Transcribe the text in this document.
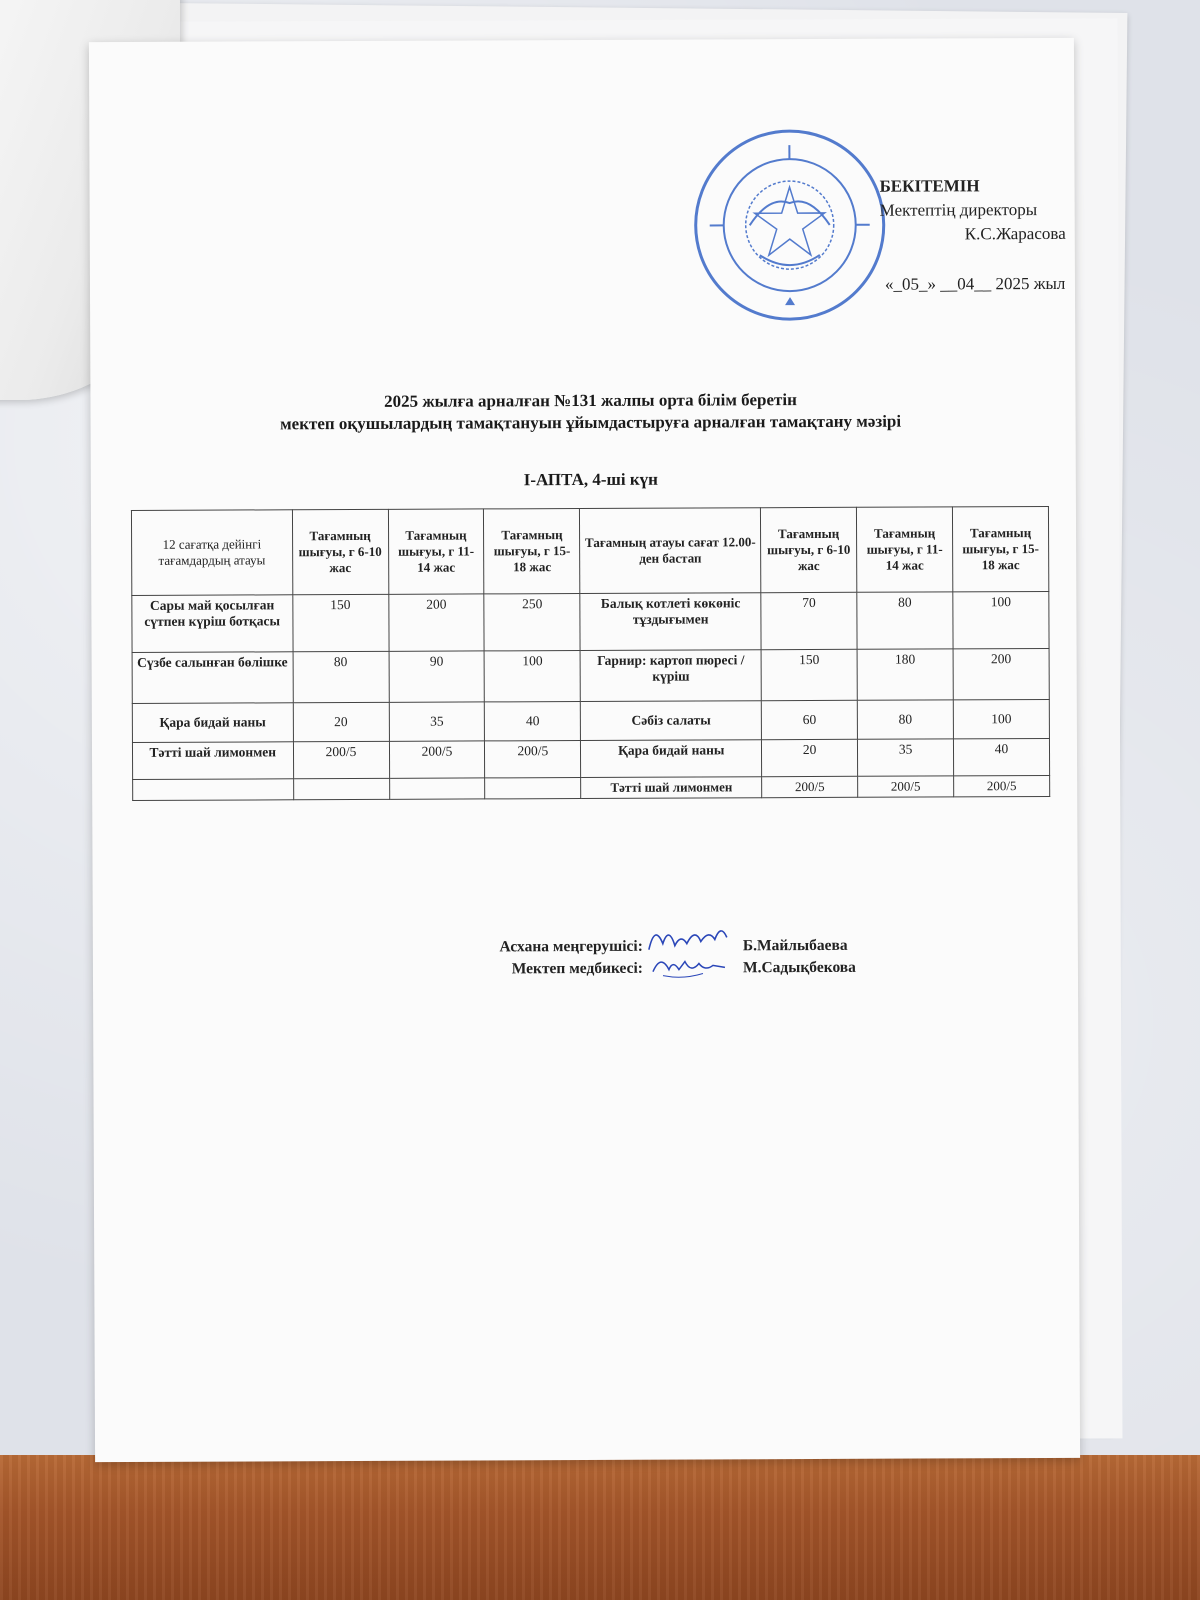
БЕКІТЕМІН
Мектептің директоры
К.С.Жарасова
«_05_» __04__ 2025 жыл
2025 жылға арналған №131 жалпы орта білім беретін
мектеп оқушылардың тамақтануын ұйымдастыруға арналған тамақтану мәзірі
І-АПТА, 4-ші күн
12 сағатқа дейінгі тағамдардың атауы	Тағамның шығуы, г 6-10 жас	Тағамның шығуы, г 11-14 жас	Тағамның шығуы, г 15-18 жас	Тағамның атауы сағат 12.00-ден бастап	Тағамның шығуы, г 6-10 жас	Тағамның шығуы, г 11-14 жас	Тағамның шығуы, г 15-18 жас
Сары май қосылған сүтпен күріш ботқасы	150	200	250	Балық котлеті көкөніс тұздығымен	70	80	100
Сүзбе салынған бөлішке	80	90	100	Гарнир: картоп пюресі / күріш	150	180	200
Қара бидай наны	20	35	40	Сәбіз салаты	60	80	100
Тәтті шай лимонмен	200/5	200/5	200/5	Қара бидай наны	20	35	40
				Тәтті шай лимонмен	200/5	200/5	200/5
Асхана меңгерушісі:	Б.Майлыбаева
Мектеп медбикесі:	М.Садықбекова
